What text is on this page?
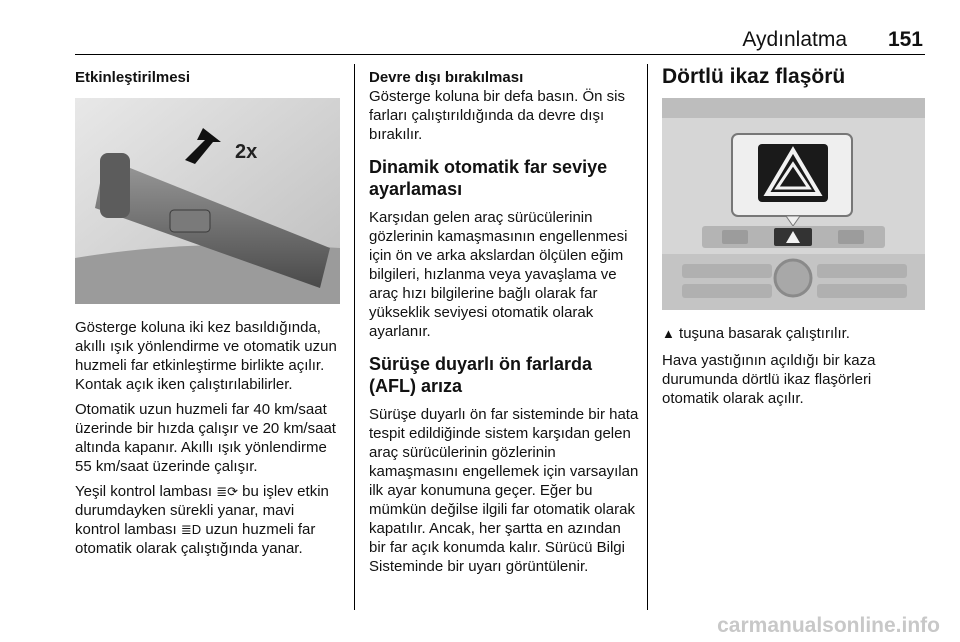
Aydınlatma 151
Etkinleştirilmesi
2x

Gösterge koluna iki kez basıldığında, akıllı ışık yönlendirme ve otomatik uzun huzmeli far etkinleştirme birlikte açılır. Kontak açık iken çalıştırılabilirler.

Otomatik uzun huzmeli far 40 km/saat üzerinde bir hızda çalışır ve 20 km/saat altında kapanır. Akıllı ışık yönlendirme 55 km/saat üzerinde çalışır.

Yeşil kontrol lambası ≣⟳ bu işlev etkin durumdayken sürekli yanar, mavi kontrol lambası ≣D uzun huzmeli far otomatik olarak çalıştığında yanar.

Devre dışı bırakılması

Gösterge koluna bir defa basın. Ön sis farları çalıştırıldığında da devre dışı bırakılır.

Dinamik otomatik far seviye ayarlaması

Karşıdan gelen araç sürücülerinin gözlerinin kamaşmasının engellenmesi için ön ve arka akslardan ölçülen eğim bilgileri, hızlanma veya yavaşlama ve araç hızı bilgilerine bağlı olarak far yükseklik seviyesi otomatik olarak ayarlanır.

Sürüşe duyarlı ön farlarda (AFL) arıza

Sürüşe duyarlı ön far sisteminde bir hata tespit edildiğinde sistem karşıdan gelen araç sürücülerinin gözlerinin kamaşmasını engellemek için varsayılan ilk ayar konumuna geçer. Eğer bu mümkün değilse ilgili far otomatik olarak kapatılır. Ancak, her şartta en azından bir far açık konumda kalır. Sürücü Bilgi Sisteminde bir uyarı görüntülenir.

Dörtlü ikaz flaşörü

▲ tuşuna basarak çalıştırılır.

Hava yastığının açıldığı bir kaza durumunda dörtlü ikaz flaşörleri otomatik olarak açılır.

carmanualsonline.info
